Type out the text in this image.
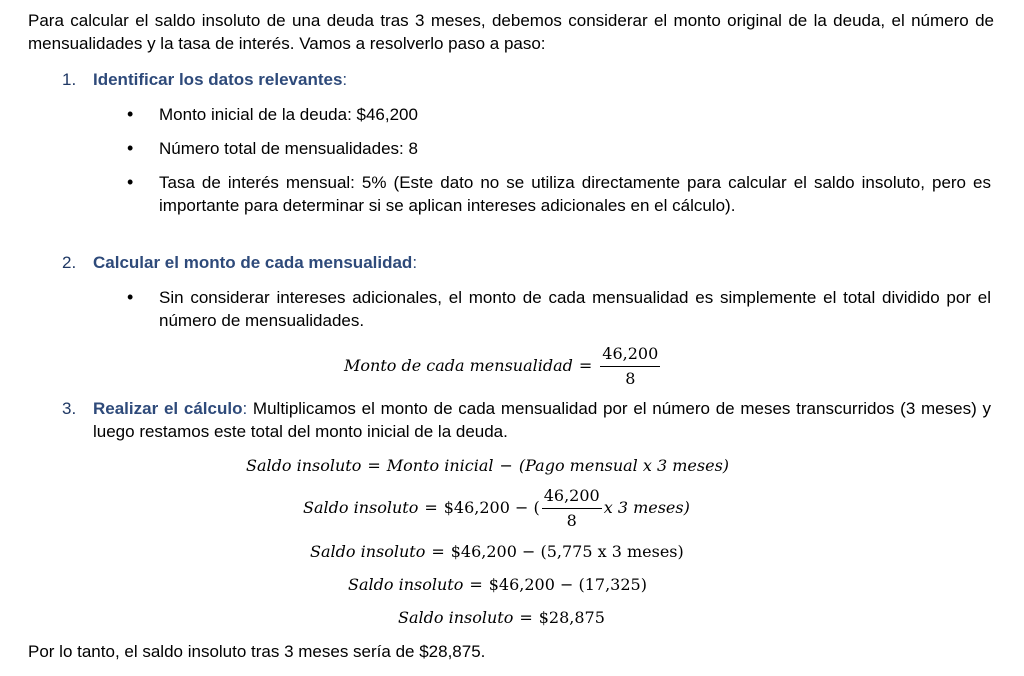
Para calcular el saldo insoluto de una deuda tras 3 meses, debemos considerar el monto original de la deuda, el número de mensualidades y la tasa de interés. Vamos a resolverlo paso a paso:
1. Identificar los datos relevantes:
• Monto inicial de la deuda: $46,200
• Número total de mensualidades: 8
• Tasa de interés mensual: 5% (Este dato no se utiliza directamente para calcular el saldo insoluto, pero es importante para determinar si se aplican intereses adicionales en el cálculo).
2. Calcular el monto de cada mensualidad:
• Sin considerar intereses adicionales, el monto de cada mensualidad es simplemente el total dividido por el número de mensualidades.
Monto de cada mensualidad = $\frac{46,200}{8}$
3. Realizar el cálculo: Multiplicamos el monto de cada mensualidad por el número de meses transcurridos (3 meses) y luego restamos este total del monto inicial de la deuda.
Saldo insoluto = Monto inicial − (Pago mensual x 3 meses)
Saldo insoluto = $46,200 − ( $\frac{46,200}{8}$ x 3 meses)
Saldo insoluto = $46,200 − (5,775 x 3 meses)
Saldo insoluto = $46,200 − (17,325)
Saldo insoluto = $28,875
Por lo tanto, el saldo insoluto tras 3 meses sería de $28,875.
